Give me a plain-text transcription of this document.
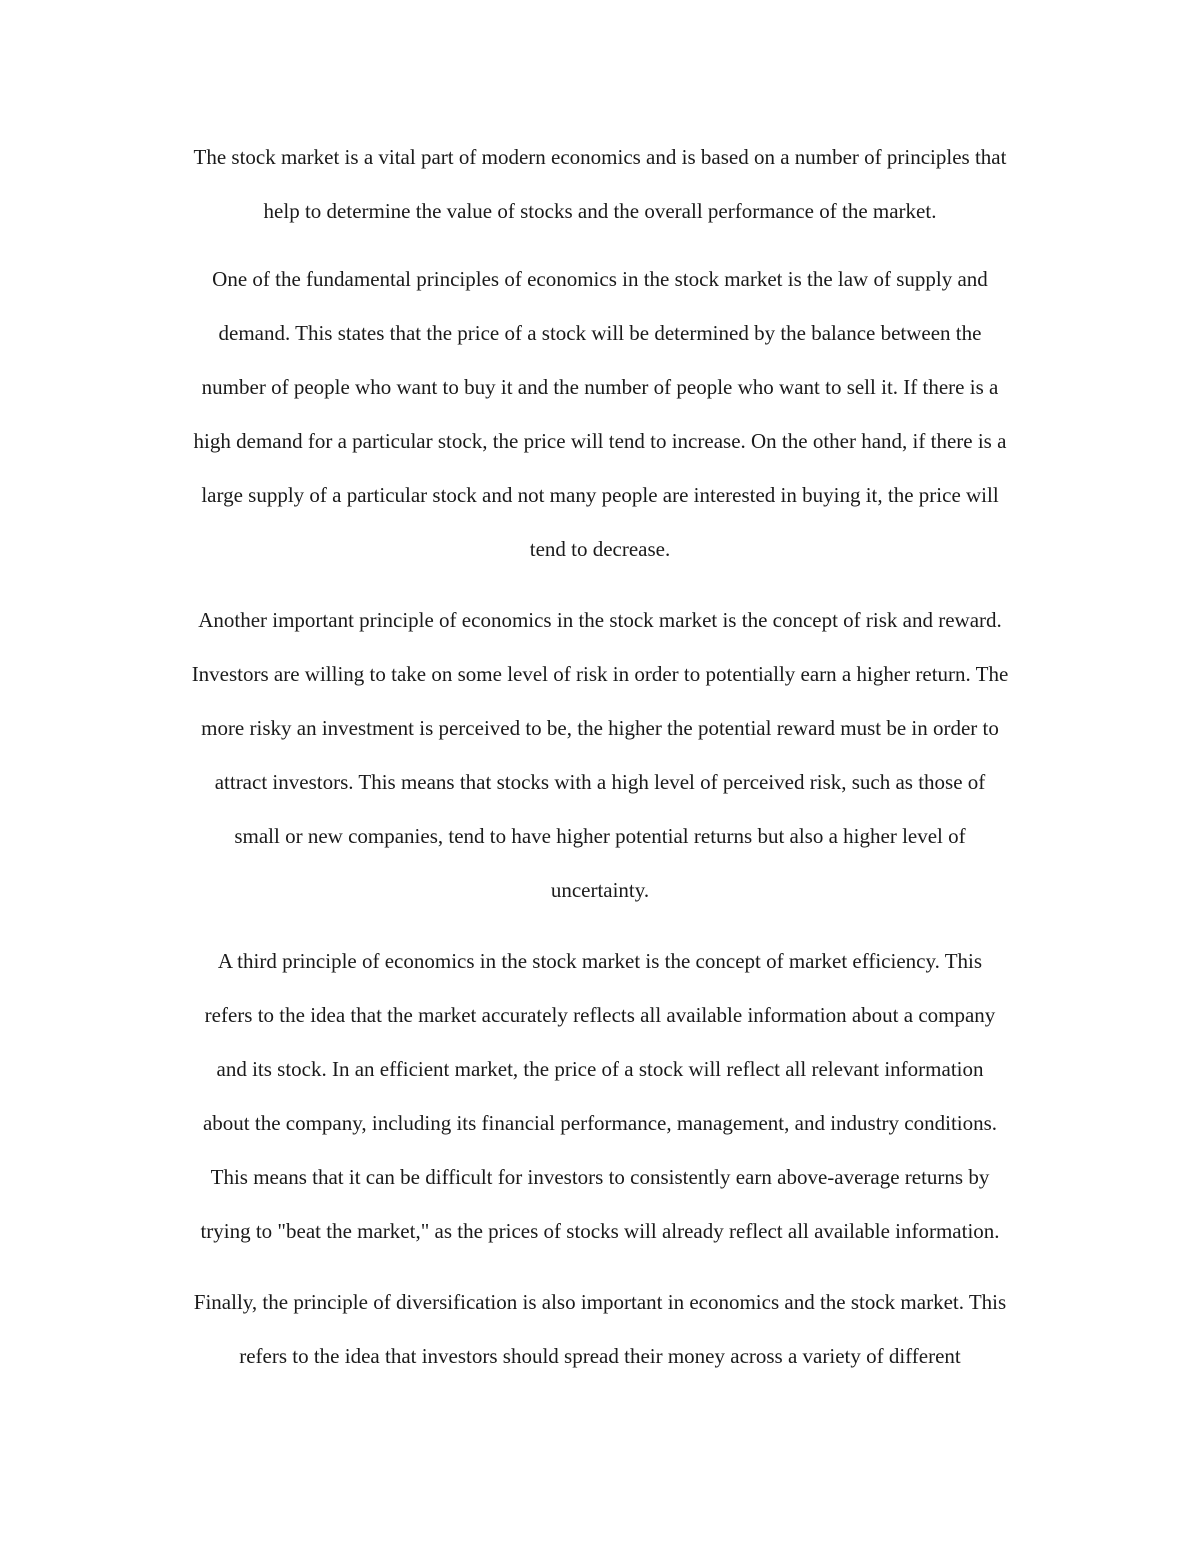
The stock market is a vital part of modern economics and is based on a number of principles that
help to determine the value of stocks and the overall performance of the market.

One of the fundamental principles of economics in the stock market is the law of supply and
demand. This states that the price of a stock will be determined by the balance between the
number of people who want to buy it and the number of people who want to sell it. If there is a
high demand for a particular stock, the price will tend to increase. On the other hand, if there is a
large supply of a particular stock and not many people are interested in buying it, the price will
tend to decrease.

Another important principle of economics in the stock market is the concept of risk and reward.
Investors are willing to take on some level of risk in order to potentially earn a higher return. The
more risky an investment is perceived to be, the higher the potential reward must be in order to
attract investors. This means that stocks with a high level of perceived risk, such as those of
small or new companies, tend to have higher potential returns but also a higher level of
uncertainty.

A third principle of economics in the stock market is the concept of market efficiency. This
refers to the idea that the market accurately reflects all available information about a company
and its stock. In an efficient market, the price of a stock will reflect all relevant information
about the company, including its financial performance, management, and industry conditions.
This means that it can be difficult for investors to consistently earn above-average returns by
trying to "beat the market," as the prices of stocks will already reflect all available information.

Finally, the principle of diversification is also important in economics and the stock market. This
refers to the idea that investors should spread their money across a variety of different
